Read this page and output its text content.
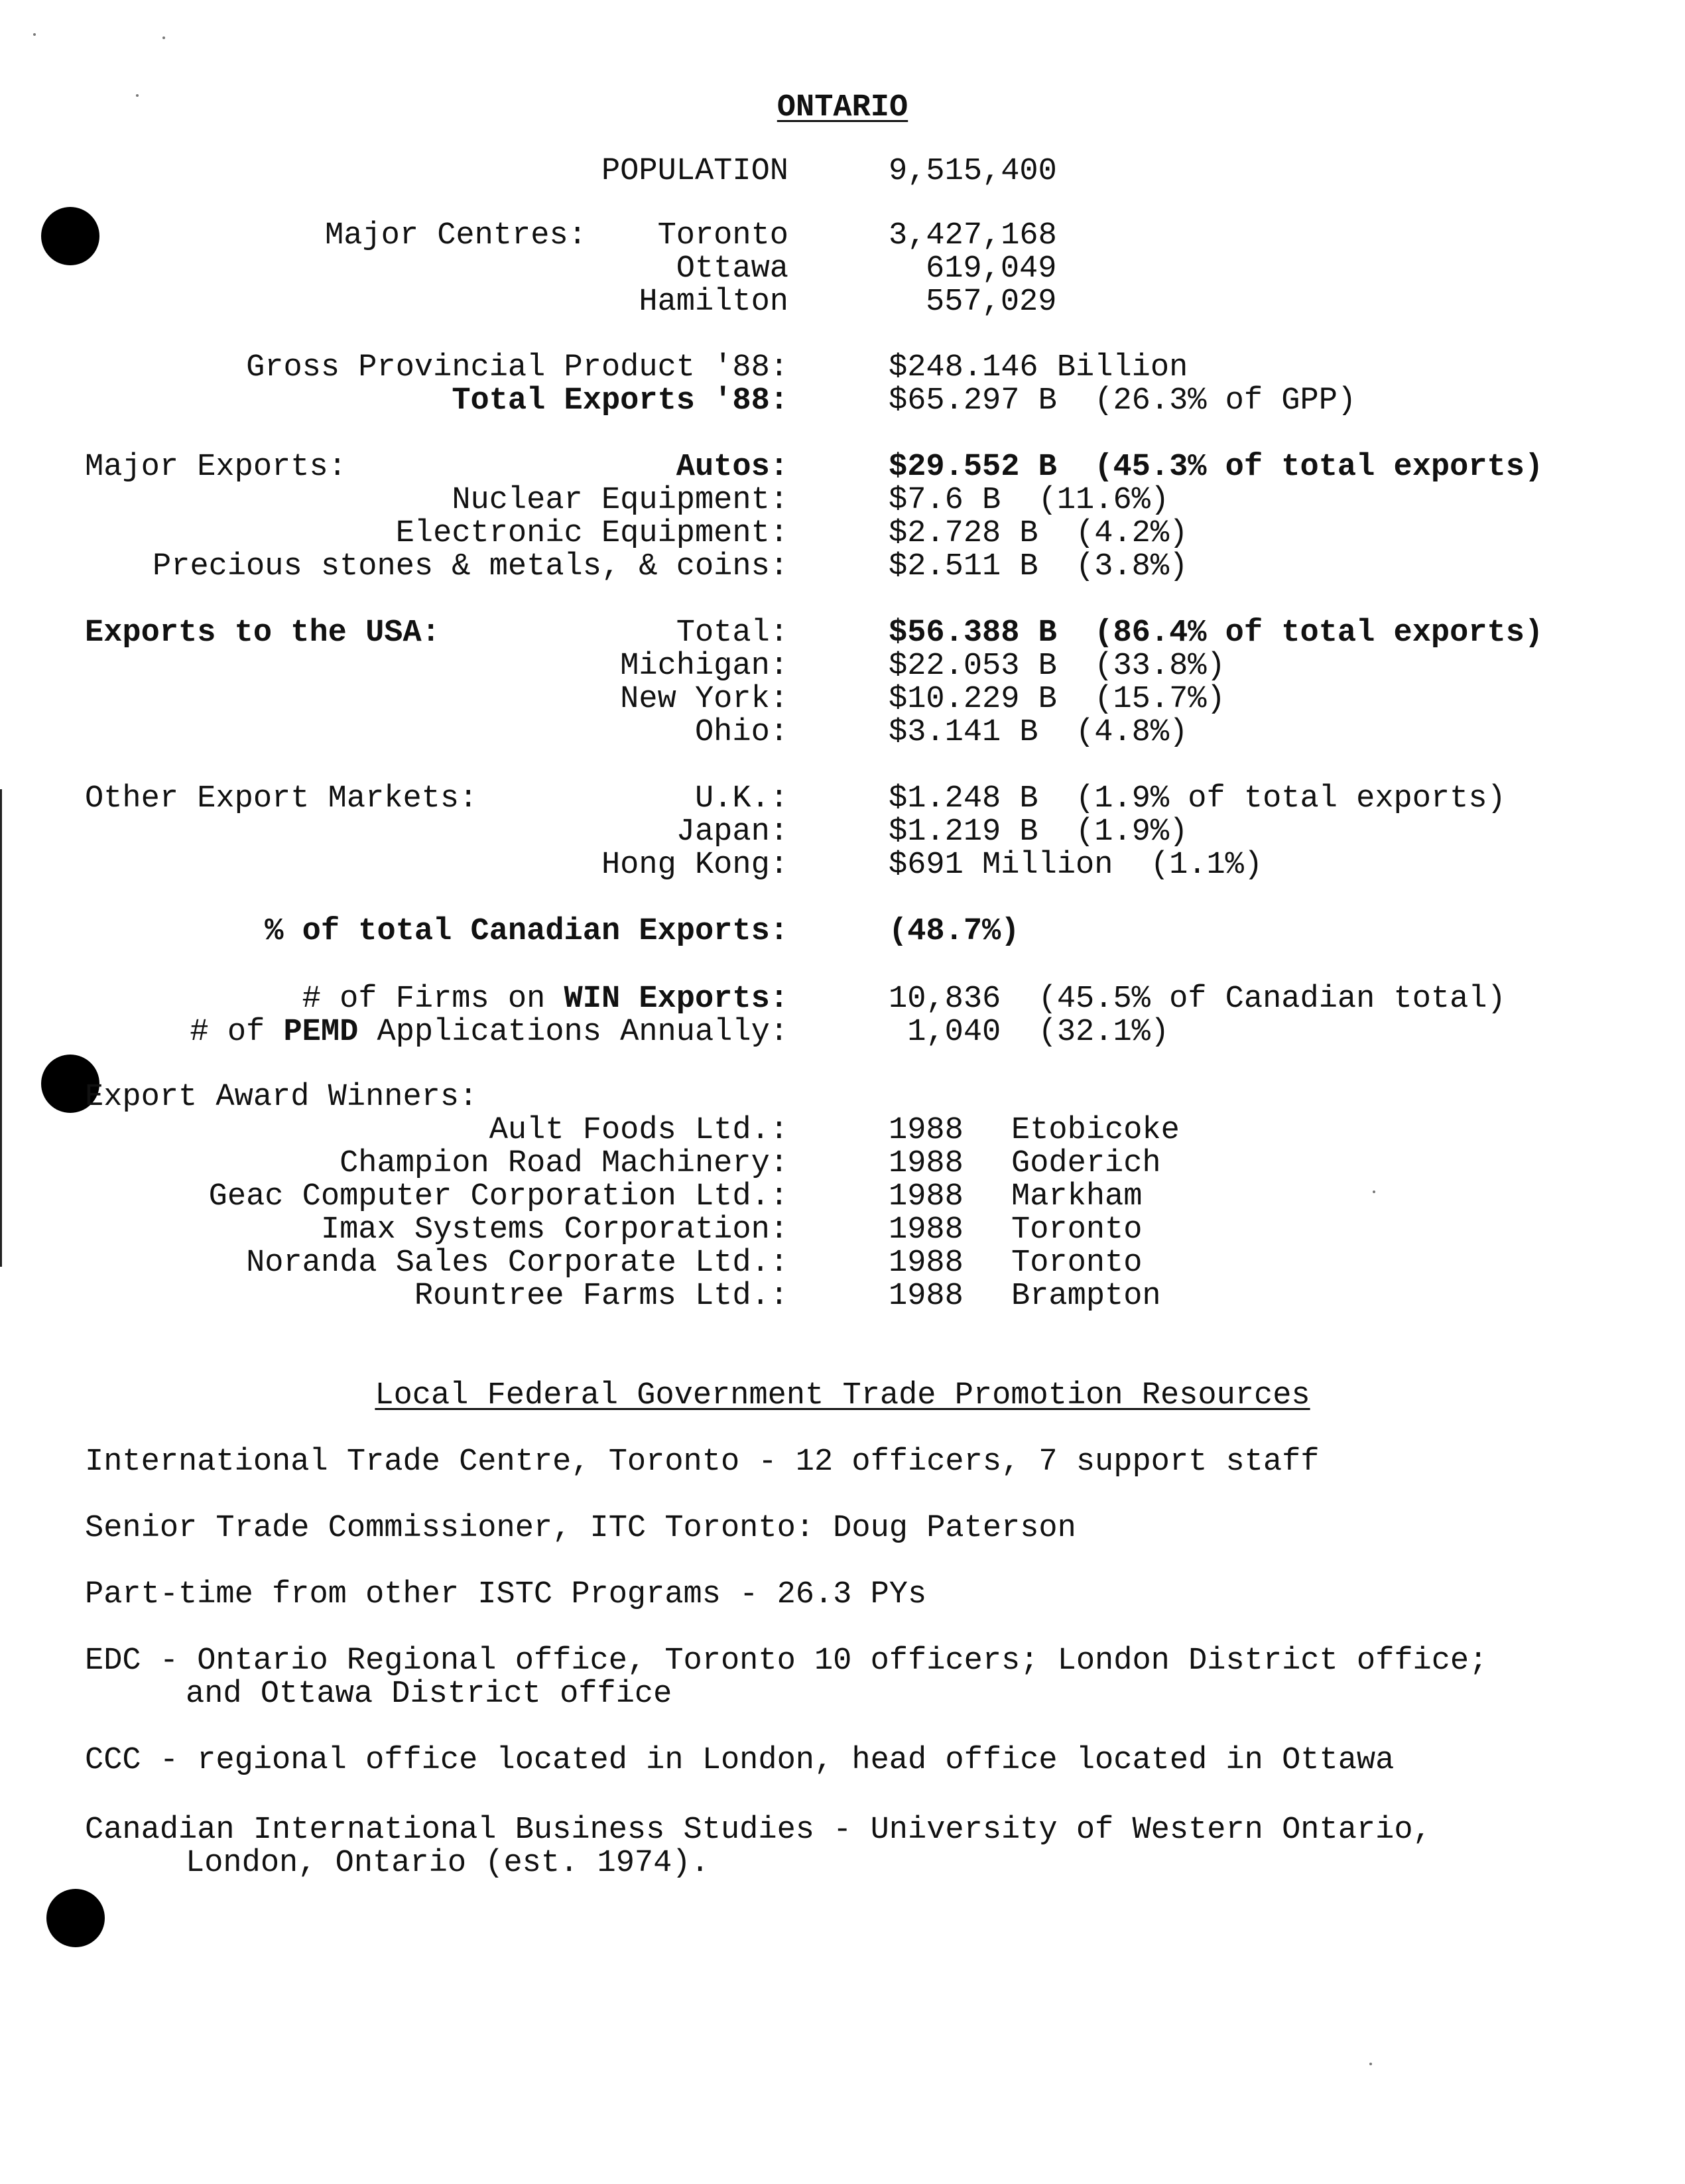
ONTARIO
POPULATION	9,515,400
Major Centres: Toronto	3,427,168
Ottawa	619,049
Hamilton	557,029
Gross Provincial Product '88:	$248.146 Billion
Total Exports '88:	$65.297 B  (26.3% of GPP)
Major Exports:	Autos:	$29.552 B  (45.3% of total exports)
Nuclear Equipment:	$7.6 B  (11.6%)
Electronic Equipment:	$2.728 B  (4.2%)
Precious stones & metals, & coins:	$2.511 B  (3.8%)
Exports to the USA:	Total:	$56.388 B  (86.4% of total exports)
Michigan:	$22.053 B  (33.8%)
New York:	$10.229 B  (15.7%)
Ohio:	$3.141 B  (4.8%)
Other Export Markets:	U.K.:	$1.248 B  (1.9% of total exports)
Japan:	$1.219 B  (1.9%)
Hong Kong:	$691 Million  (1.1%)
% of total Canadian Exports:	(48.7%)
# of Firms on WIN Exports:	10,836  (45.5% of Canadian total)
# of PEMD Applications Annually:	1,040  (32.1%)
Export Award Winners:
Ault Foods Ltd.:	1988 Etobicoke
Champion Road Machinery:	1988 Goderich
Geac Computer Corporation Ltd.:	1988 Markham
Imax Systems Corporation:	1988 Toronto
Noranda Sales Corporate Ltd.:	1988 Toronto
Rountree Farms Ltd.:	1988 Brampton
Local Federal Government Trade Promotion Resources
International Trade Centre, Toronto - 12 officers, 7 support staff
Senior Trade Commissioner, ITC Toronto: Doug Paterson
Part-time from other ISTC Programs - 26.3 PYs
EDC - Ontario Regional office, Toronto 10 officers; London District office;
and Ottawa District office
CCC - regional office located in London, head office located in Ottawa
Canadian International Business Studies - University of Western Ontario,
London, Ontario (est. 1974).
